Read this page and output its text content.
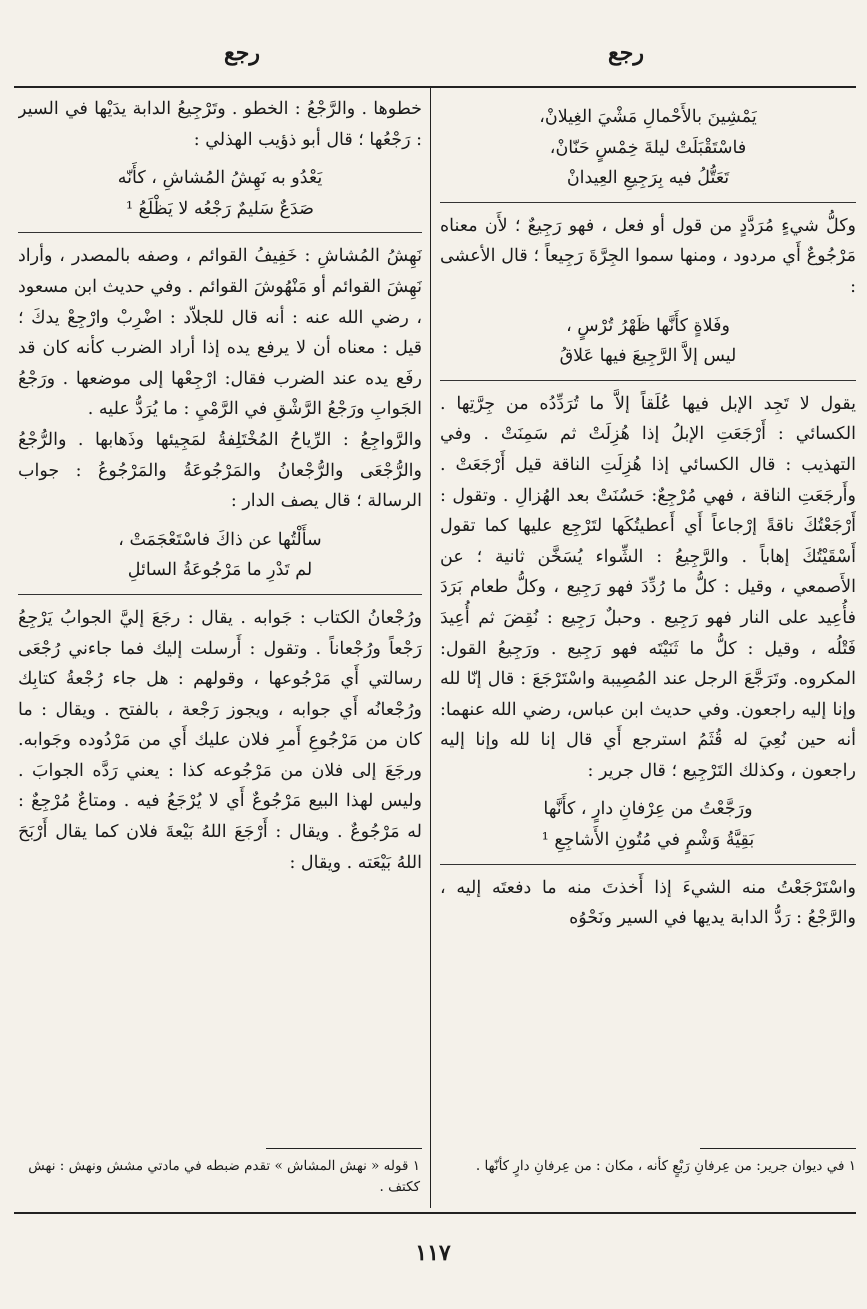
رجع
رجع
يَمْشِينَ بالأَحْمالِ مَشْيَ الغِيلانْ،
فاسْتَقْبَلَتْ ليلةَ خِمْسٍ حَنّانْ،
تَعَتُّلُ فيه بِرَجِيعِ العِيدانْ

وكلُّ شيءٍ مُرَدَّدٍ من قول أو فعل ، فهو رَجِيعٌ ؛ لأَن معناه مَرْجُوعٌ أَي مردود ، ومنها سموا الجِرَّةَ رَجِيعاً ؛ قال الأعشى :

وفَلاةٍ كأَنَّها ظَهْرُ تُرْسٍ ،
ليس إلاَّ الرَّجِيعَ فيها عَلاقُ

يقول لا تَجِد الإبل فيها عُلَقاً إلاَّ ما تُرَدِّدُه من جِرَّتِها . الكسائي : أَرْجَعَتِ الإبلُ إذا هُزِلَتْ ثم سَمِنَتْ . وفي التهذيب : قال الكسائي إذا هُزِلَتِ الناقة قيل أَرْجَعَتْ . وأَرجَعَتِ الناقة ، فهي مُرْجِعٌ: حَسُنَتْ بعد الهُزالِ . وتقول : أَرْجَعْتُكَ ناقةً إرْجاعاً أَي أَعطيتُكَها لتَرْجِع عليها كما تقول أَسْقَيْتُكَ إهاباً . والرَّجِيعُ : الشِّواء يُسَخَّن ثانية ؛ عن الأَصمعي ، وقيل : كلُّ ما رُدِّدَ فهو رَجِيع ، وكلُّ طعام بَرَدَ فأُعِيد على النار فهو رَجِيع . وحبلٌ رَجِيع : نُقِضَ ثم أُعِيدَ فَتْلُه ، وقيل : كلُّ ما ثَنَيْتَه فهو رَجِيع . ورَجِيعُ القول: المكروه. وتَرَجَّعَ الرجل عند المُصِيبة واسْتَرْجَعَ : قال إنّا لله وإنا إليه راجعون. وفي حديث ابن عباس، رضي الله عنهما: أنه حين نُعِيَ له قُثَمُ استرجع أَي قال إنا لله وإنا إليه راجعون ، وكذلك التَرْجِيع ؛ قال جرير :

ورَجَّعْتُ من عِرْفانِ دارٍ ، كأَنَّها
بَقِيَّةُ وَشْمٍ في مُتُونِ الأَشاجِعِ ¹

واسْتَرْجَعْتُ منه الشيءَ إذا أَخذتَ منه ما دفعتَه إليه ، والرَّجْعُ : رَدُّ الدابة يديها في السير ونَحْوُه

خطوها . والرَّجْعُ : الخطو . وتَرْجِيعُ الدابة يدَيْها في السير : رَجْعُها ؛ قال أبو ذؤيب الهذلي :

يَعْدُو به نَهِشُ المُشاشِ ، كأَنّه
صَدَعٌ سَليمٌ رَجْعُه لا يَظْلَعُ ¹

نَهِشُ المُشاشِ : خَفِيفُ القوائم ، وصفه بالمصدر ، وأراد نَهِشَ القوائم أو مَنْهُوشَ القوائم . وفي حديث ابن مسعود ، رضي الله عنه : أنه قال للجلاّد : اضْرِبْ وارْجِعْ يدكَ ؛ قيل : معناه أن لا يرفع يده إذا أراد الضرب كأنه كان قد رفَع يده عند الضرب فقال: ارْجِعْها إلى موضعها . ورَجْعُ الجَوابِ ورَجْعُ الرَّشْقِ في الرَّمْيِ : ما يُرَدُّ عليه .

والرَّواجِعُ : الرِّياحُ المُخْتَلِفةُ لمَجِيئها وذَهابها . والرُّجْعُ والرُّجْعَى والرُّجْعانُ والمَرْجُوعَةُ والمَرْجُوعُ : جواب الرسالة ؛ قال يصف الدار :

سأَلْتُها عن ذاكَ فاسْتَعْجَمَتْ ،
لم تَدْرِ ما مَرْجُوعَةُ السائلِ

ورُجْعانُ الكتاب : جَوابه . يقال : رجَعَ إليَّ الجوابُ يَرْجِعُ رَجْعاً ورُجْعاناً . وتقول : أَرسلت إليك فما جاءني رُجْعَى رسالتي أَي مَرْجُوعها ، وقولهم : هل جاء رُجْعةُ كتابِك ورُجْعانُه أَي جوابه ، ويجوز رَجْعة ، بالفتح . ويقال : ما كان من مَرْجُوعِ أَمرِ فلان عليك أَي من مَرْدُوده وجَوابه. ورجَعَ إلى فلان من مَرْجُوعه كذا : يعني رَدَّه الجوابَ . وليس لهذا البيع مَرْجُوعٌ أَي لا يُرْجَعُ فيه . ومتاعٌ مُرْجِعٌ : له مَرْجُوعٌ . ويقال : أَرْجَعَ اللهُ بَيْعةَ فلان كما يقال أَرْبَحَ اللهُ بَيْعَته . ويقال :

١ في ديوان جرير: من عِرفانِ رَبْعٍ كأنه ، مكان : من عِرفانِ دارٍ كأنّها .
١ قوله « نهش المشاش » تقدم ضبطه في مادتي مشش ونهش : نهش ككتف .
١١٧
